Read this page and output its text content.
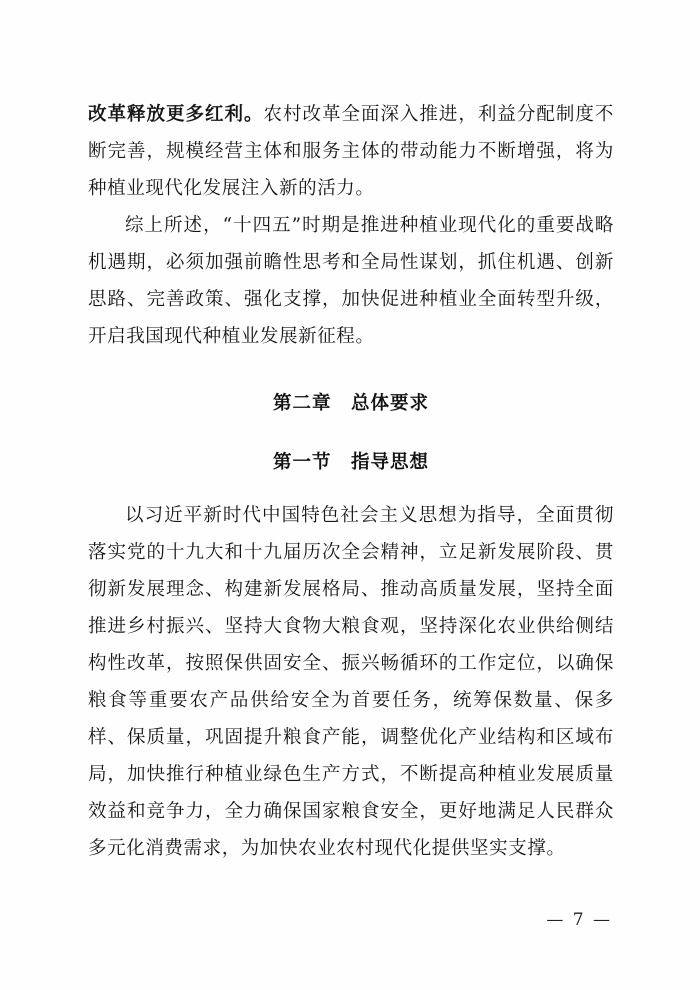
改革释放更多红利。农村改革全面深入推进，利益分配制度不断完善，规模经营主体和服务主体的带动能力不断增强，将为种植业现代化发展注入新的活力。

综上所述，“十四五”时期是推进种植业现代化的重要战略机遇期，必须加强前瞻性思考和全局性谋划，抓住机遇、创新思路、完善政策、强化支撑，加快促进种植业全面转型升级，开启我国现代种植业发展新征程。

第二章　总体要求
第一节　指导思想

以习近平新时代中国特色社会主义思想为指导，全面贯彻落实党的十九大和十九届历次全会精神，立足新发展阶段、贯彻新发展理念、构建新发展格局、推动高质量发展，坚持全面推进乡村振兴、坚持大食物大粮食观，坚持深化农业供给侧结构性改革，按照保供固安全、振兴畅循环的工作定位，以确保粮食等重要农产品供给安全为首要任务，统筹保数量、保多样、保质量，巩固提升粮食产能，调整优化产业结构和区域布局，加快推行种植业绿色生产方式，不断提高种植业发展质量效益和竞争力，全力确保国家粮食安全，更好地满足人民群众多元化消费需求，为加快农业农村现代化提供坚实支撑。

— 7 —
